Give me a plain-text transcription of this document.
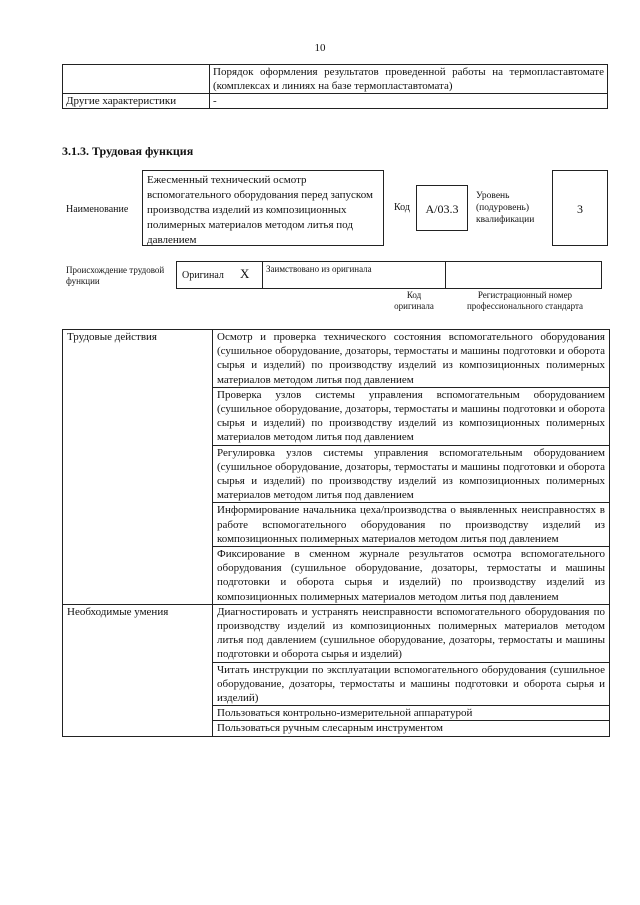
10
	Порядок оформления результатов проведенной работы на термопластавтомате (комплексах и линиях на базе термопластавтомата)
Другие характеристики	-
3.1.3. Трудовая функция
Наименование
Ежесменный технический осмотр вспомогательного оборудования перед запуском производства изделий из композиционных полимерных материалов методом литья под давлением
Код	A/03.3
Уровень (подуровень) квалификации
3
Происхождение трудовой функции	Оригинал X Заимствовано из оригинала
Код оригинала
Регистрационный номер профессионального стандарта
Трудовые действия	Осмотр и проверка технического состояния вспомогательного оборудования (сушильное оборудование, дозаторы, термостаты и машины подготовки и оборота сырья и изделий) по производству изделий из композиционных полимерных материалов методом литья под давлением
	Проверка узлов системы управления вспомогательным оборудованием (сушильное оборудование, дозаторы, термостаты и машины подготовки и оборота сырья и изделий) по производству изделий из композиционных полимерных материалов методом литья под давлением
	Регулировка узлов системы управления вспомогательным оборудованием (сушильное оборудование, дозаторы, термостаты и машины подготовки и оборота сырья и изделий) по производству изделий из композиционных полимерных материалов методом литья под давлением
	Информирование начальника цеха/производства о выявленных неисправностях в работе вспомогательного оборудования по производству изделий из композиционных полимерных материалов методом литья под давлением
	Фиксирование в сменном журнале результатов осмотра вспомогательного оборудования (сушильное оборудование, дозаторы, термостаты и машины подготовки и оборота сырья и изделий) по производству изделий из композиционных полимерных материалов методом литья под давлением
Необходимые умения	Диагностировать и устранять неисправности вспомогательного оборудования по производству изделий из композиционных полимерных материалов методом литья под давлением (сушильное оборудование, дозаторы, термостаты и машины подготовки и оборота сырья и изделий)
	Читать инструкции по эксплуатации вспомогательного оборудования (сушильное оборудование, дозаторы, термостаты и машины подготовки и оборота сырья и изделий)
	Пользоваться контрольно-измерительной аппаратурой
	Пользоваться ручным слесарным инструментом
